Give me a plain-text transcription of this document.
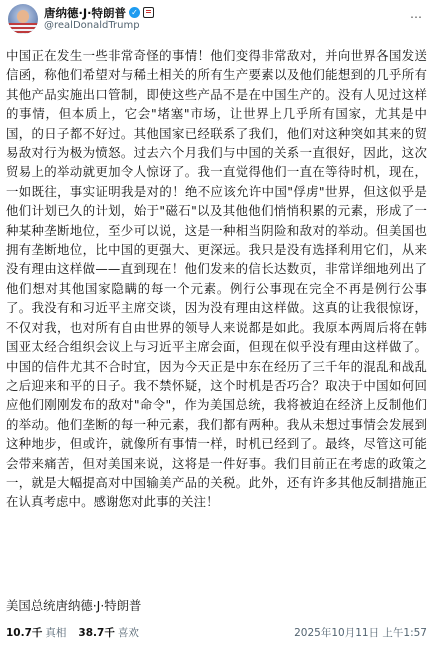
唐纳德·J·特朗普 ✓
@realDonaldTrump
⋯
中国正在发生一些非常奇怪的事情！他们变得非常敌对，并向世界各国发送信函，称他们希望对与稀土相关的所有生产要素以及他们能想到的几乎所有其他产品实施出口管制，即使这些产品不是在中国生产的。没有人见过这样的事情，但本质上，它会"堵塞"市场，让世界上几乎所有国家，尤其是中国，的日子都不好过。其他国家已经联系了我们，他们对这种突如其来的贸易敌对行为极为愤怒。过去六个月我们与中国的关系一直很好，因此，这次贸易上的举动就更加令人惊讶了。我一直觉得他们一直在等待时机，现在，一如既往，事实证明我是对的！绝不应该允许中国"俘虏"世界，但这似乎是他们计划已久的计划，始于"磁石"以及其他他们悄悄积累的元素，形成了一种某种垄断地位，至少可以说，这是一种相当阴险和敌对的举动。但美国也拥有垄断地位，比中国的更强大、更深远。我只是没有选择利用它们，从来没有理由这样做——直到现在！他们发来的信长达数页，非常详细地列出了他们想对其他国家隐瞒的每一个元素。例行公事现在完全不再是例行公事了。我没有和习近平主席交谈，因为没有理由这样做。这真的让我很惊讶，不仅对我，也对所有自由世界的领导人来说都是如此。我原本两周后将在韩国亚太经合组织会议上与习近平主席会面，但现在似乎没有理由这样做了。中国的信件尤其不合时宜，因为今天正是中东在经历了三千年的混乱和战乱之后迎来和平的日子。我不禁怀疑，这个时机是否巧合？取决于中国如何回应他们刚刚发布的敌对"命令"，作为美国总统，我将被迫在经济上反制他们的举动。他们垄断的每一种元素，我们都有两种。我从未想过事情会发展到这种地步，但或许，就像所有事情一样，时机已经到了。最终，尽管这可能会带来痛苦，但对美国来说，这将是一件好事。我们目前正在考虑的政策之一，就是大幅提高对中国输美产品的关税。此外，还有许多其他反制措施正在认真考虑中。感谢您对此事的关注！
美国总统唐纳德·J·特朗普
10.7千 真相 38.7千 喜欢	2025年10月11日 上午1:57
